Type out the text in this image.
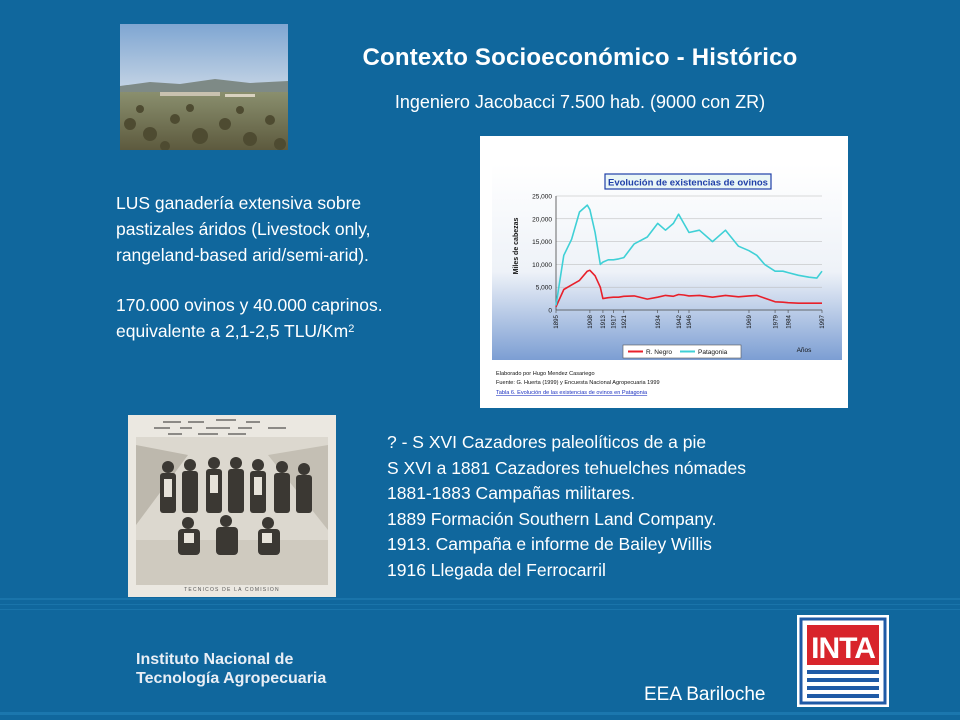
Contexto Socioeconómico - Histórico
Ingeniero Jacobacci 7.500 hab. (9000 con ZR)

LUS ganadería extensiva sobre

pastizales áridos (Livestock only,

rangeland-based arid/semi-arid).

170.000 ovinos y 40.000 caprinos.

equivalente a 2,1-2,5 TLU/Km$^2$

Evolución de existencias de ovinos
Miles de cabezas
Años
0
5,000
10,000
15,000
20,000
25,000
1895	1908 1913 1917 1921	1934 1942 1946	1969	1979 1984	1997
R. Negro	Patagonia
Elaborado por Hugo Mendez Casariego
Fuente: G. Huerta (1999) y Encuesta Nacional Agropecuaria 1999
Tabla 6. Evolución de las existencias de ovinos en Patagonia
TECNICOS DE LA COMISION
? - S XVI Cazadores paleolíticos de a pie
S XVI a 1881 Cazadores tehuelches nómades
1881-1883 Campañas militares.
1889 Formación Southern Land Company.
1913. Campaña e informe de Bailey Willis
1916 Llegada del Ferrocarril
Instituto Nacional de
Tecnología Agropecuaria
EEA Bariloche
INTA
